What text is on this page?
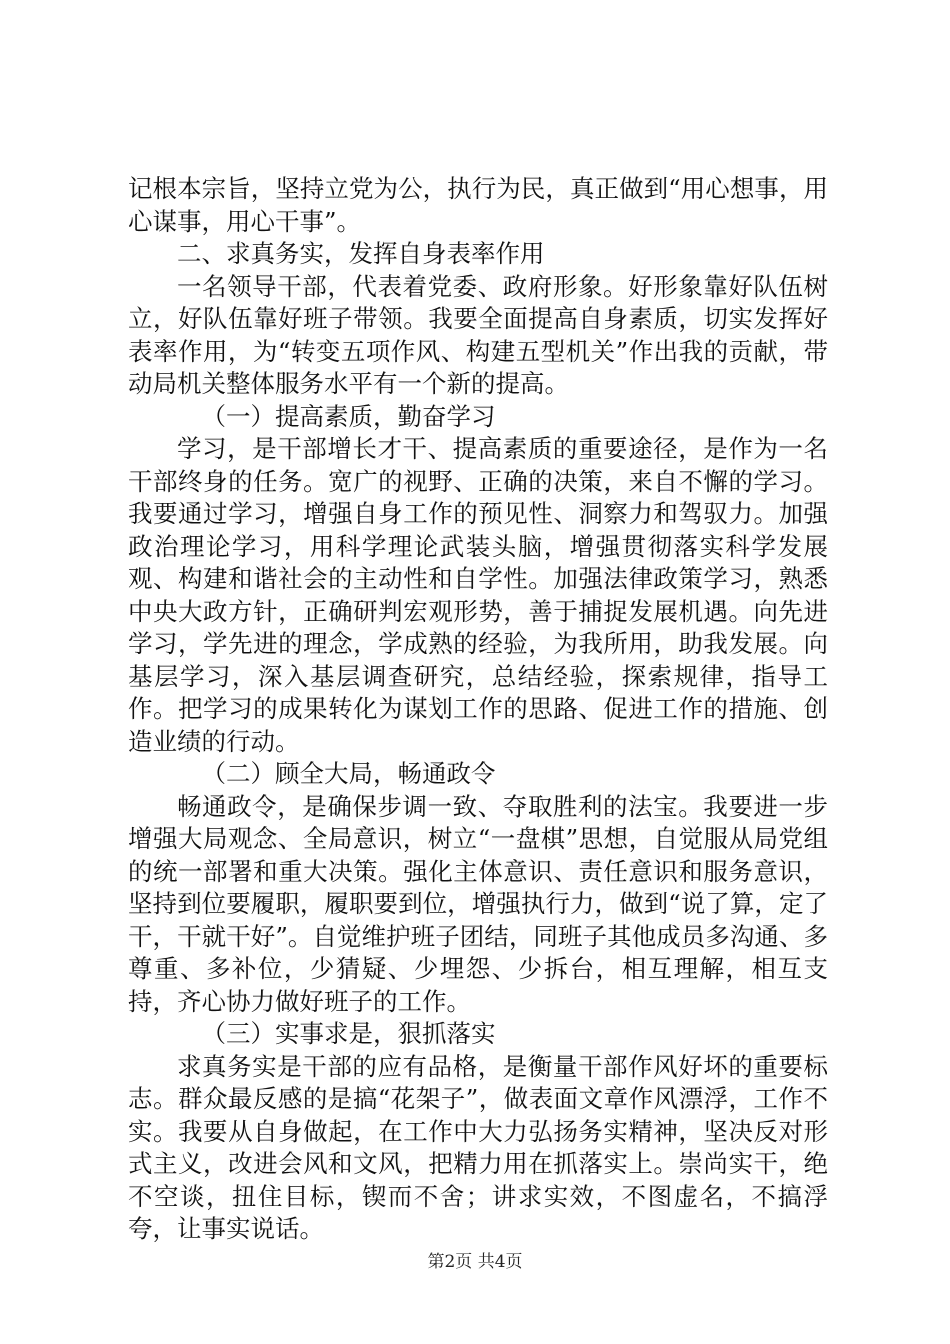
记根本宗旨，坚持立党为公，执行为民，真正做到“用心想事，用心谋事，用心干事”。

二、求真务实，发挥自身表率作用

一名领导干部，代表着党委、政府形象。好形象靠好队伍树立，好队伍靠好班子带领。我要全面提高自身素质，切实发挥好表率作用，为“转变五项作风、构建五型机关”作出我的贡献，带动局机关整体服务水平有一个新的提高。

（一）提高素质，勤奋学习

学习，是干部增长才干、提高素质的重要途径，是作为一名干部终身的任务。宽广的视野、正确的决策，来自不懈的学习。我要通过学习，增强自身工作的预见性、洞察力和驾驭力。加强政治理论学习，用科学理论武装头脑，增强贯彻落实科学发展观、构建和谐社会的主动性和自学性。加强法律政策学习，熟悉中央大政方针，正确研判宏观形势，善于捕捉发展机遇。向先进学习，学先进的理念，学成熟的经验，为我所用，助我发展。向基层学习，深入基层调查研究，总结经验，探索规律，指导工作。把学习的成果转化为谋划工作的思路、促进工作的措施、创造业绩的行动。

（二）顾全大局，畅通政令

畅通政令，是确保步调一致、夺取胜利的法宝。我要进一步增强大局观念、全局意识，树立“一盘棋”思想，自觉服从局党组的统一部署和重大决策。强化主体意识、责任意识和服务意识，坚持到位要履职，履职要到位，增强执行力，做到“说了算，定了干，干就干好”。自觉维护班子团结，同班子其他成员多沟通、多尊重、多补位，少猜疑、少埋怨、少拆台，相互理解，相互支持，齐心协力做好班子的工作。

（三）实事求是，狠抓落实

求真务实是干部的应有品格，是衡量干部作风好坏的重要标志。群众最反感的是搞“花架子”，做表面文章作风漂浮，工作不实。我要从自身做起，在工作中大力弘扬务实精神，坚决反对形式主义，改进会风和文风，把精力用在抓落实上。崇尚实干，绝不空谈，扭住目标，锲而不舍；讲求实效，不图虚名，不搞浮夸，让事实说话。

第2页 共4页
